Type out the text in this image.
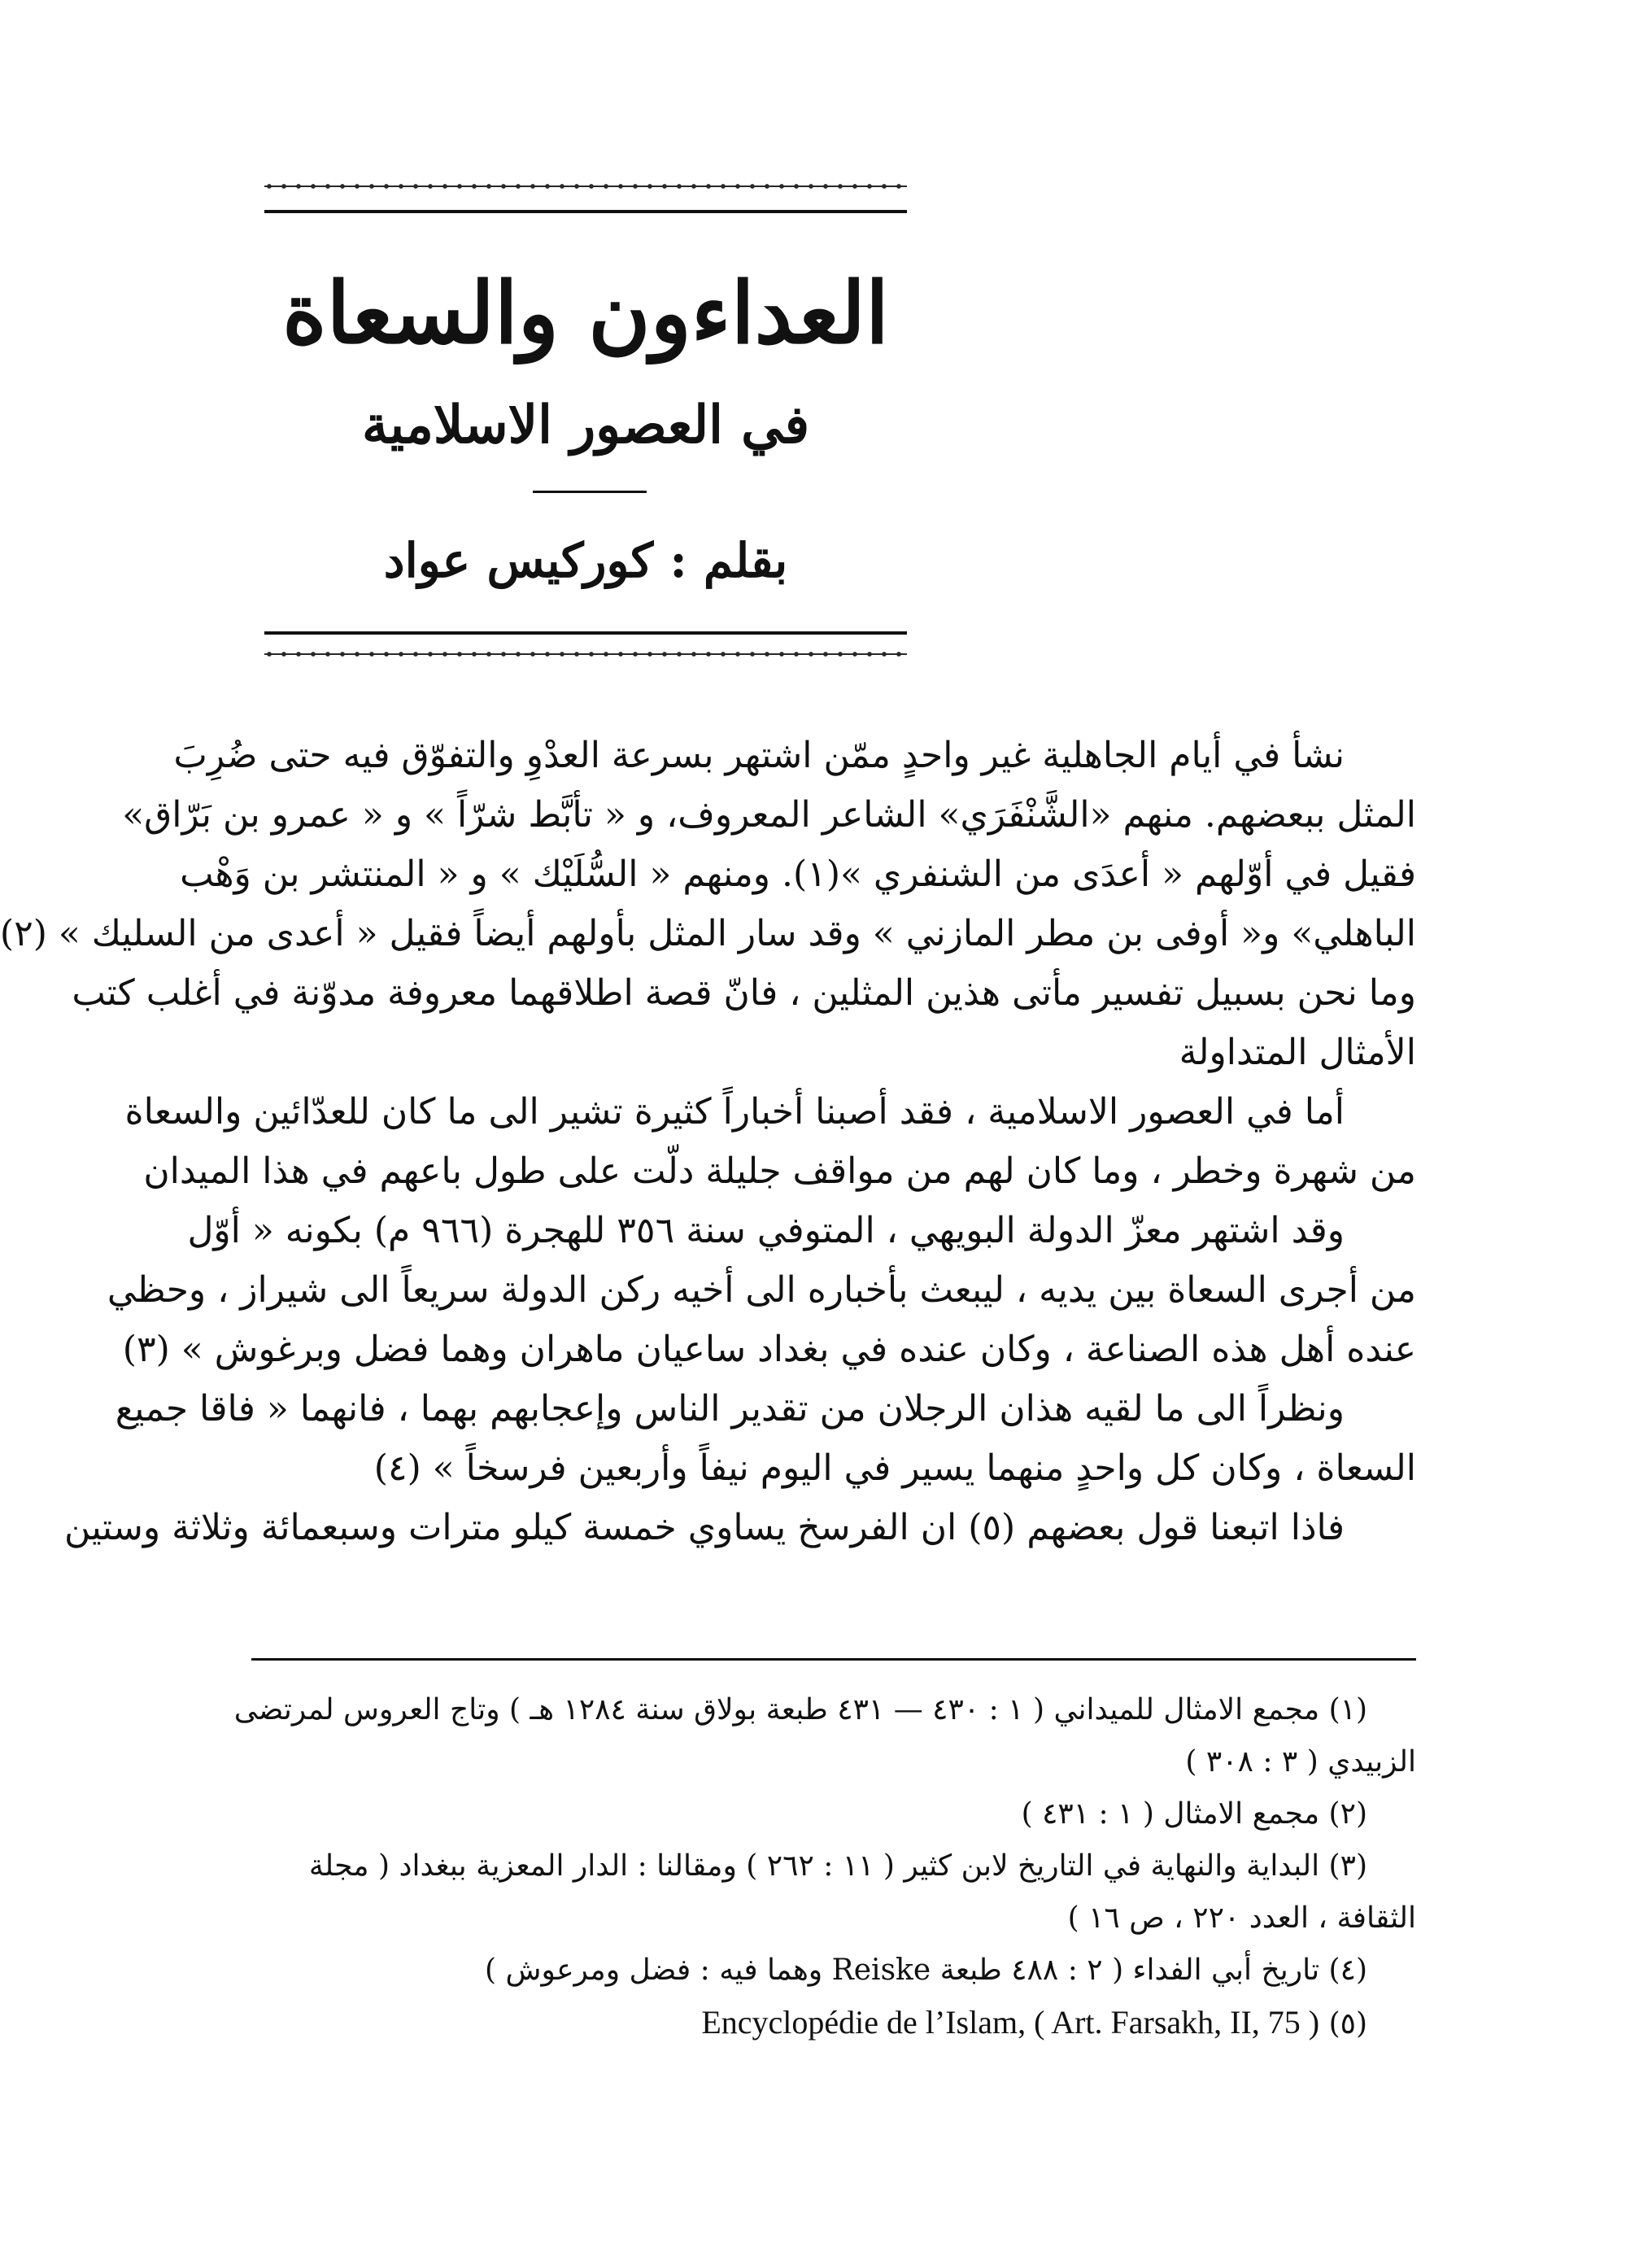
العداءون والسعاة
في العصور الاسلامية
بقلم : كوركيس عواد
نشأ في أيام الجاهلية غير واحدٍ ممّن اشتهر بسرعة العدْوِ والتفوّق فيه حتى ضُرِبَ
المثل ببعضهم. منهم «الشَّنْفَرَي» الشاعر المعروف، و « تأبَّط شرّاً » و « عمرو بن بَرّاق»
فقيل في أوّلهم « أعدَى من الشنفري »(١). ومنهم « السُّلَيْك » و « المنتشر بن وَهْب
الباهلي» و« أوفى بن مطر المازني » وقد سار المثل بأولهم أيضاً فقيل « أعدى من السليك » (٢)
وما نحن بسبيل تفسير مأتى هذين المثلين ، فانّ قصة اطلاقهما معروفة مدوّنة في أغلب كتب
الأمثال المتداولة
أما في العصور الاسلامية ، فقد أصبنا أخباراً كثيرة تشير الى ما كان للعدّائين والسعاة
من شهرة وخطر ، وما كان لهم من مواقف جليلة دلّت على طول باعهم في هذا الميدان
وقد اشتهر معزّ الدولة البويهي ، المتوفي سنة ٣٥٦ للهجرة (٩٦٦ م) بكونه « أوّل
من أجرى السعاة بين يديه ، ليبعث بأخباره الى أخيه ركن الدولة سريعاً الى شيراز ، وحظي
عنده أهل هذه الصناعة ، وكان عنده في بغداد ساعيان ماهران وهما فضل وبرغوش » (٣)
ونظراً الى ما لقيه هذان الرجلان من تقدير الناس وإعجابهم بهما ، فانهما « فاقا جميع
السعاة ، وكان كل واحدٍ منهما يسير في اليوم نيفاً وأربعين فرسخاً » (٤)
فاذا اتبعنا قول بعضهم (٥) ان الفرسخ يساوي خمسة كيلو مترات وسبعمائة وثلاثة وستين
(١) مجمع الامثال للميداني ( ١ : ٤٣٠ — ٤٣١ طبعة بولاق سنة ١٢٨٤ هـ ) وتاج العروس لمرتضى
الزبيدي ( ٣ : ٣٠٨ )
(٢) مجمع الامثال ( ١ : ٤٣١ )
(٣) البداية والنهاية في التاريخ لابن كثير ( ١١ : ٢٦٢ ) ومقالنا : الدار المعزية ببغداد ( مجلة
الثقافة ، العدد ٢٢٠ ، ص ١٦ )
(٤) تاريخ أبي الفداء ( ٢ : ٤٨٨ طبعة Reiske وهما فيه : فضل ومرعوش )
(٥) Encyclopédie de l’Islam, ( Art. Farsakh, II, 75 )
